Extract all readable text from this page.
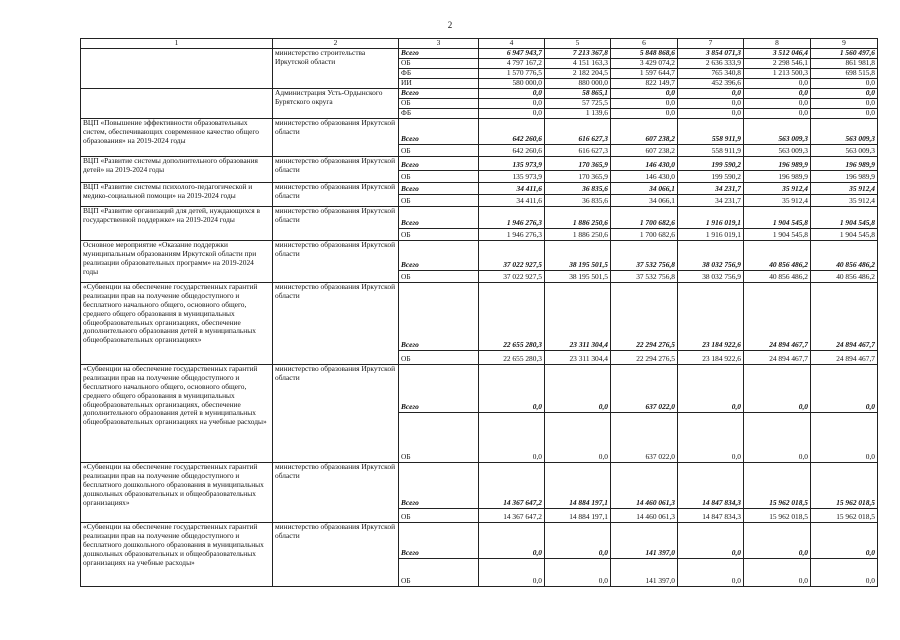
2
1	2	3	4	5	6	7	8	9
	министерство строительства Иркутской области	Всего	6 947 943,7	7 213 367,8	5 848 868,6	3 854 071,3	3 512 046,4	1 560 497,6
		ОБ	4 797 167,2	4 151 163,3	3 429 074,2	2 636 333,9	2 298 546,1	861 981,8
		ФБ	1 570 776,5	2 182 204,5	1 597 644,7	765 340,8	1 213 500,3	698 515,8
		ИИ	580 000,0	880 000,0	822 149,7	452 396,6	0,0	0,0
	Администрация Усть-Ордынского Бурятского округа	Всего	0,0	58 865,1	0,0	0,0	0,0	0,0
		ОБ	0,0	57 725,5	0,0	0,0	0,0	0,0
		ФБ	0,0	1 139,6	0,0	0,0	0,0	0,0
ВЦП «Повышение эффективности образовательных систем, обеспечивающих современное качество общего образования» на 2019-2024 годы	министерство образования Иркутской области	Всего	642 260,6	616 627,3	607 238,2	558 911,9	563 009,3	563 009,3
		ОБ	642 260,6	616 627,3	607 238,2	558 911,9	563 009,3	563 009,3
ВЦП «Развитие системы дополнительного образования детей» на 2019-2024 годы	министерство образования Иркутской области	Всего	135 973,9	170 365,9	146 430,0	199 590,2	196 989,9	196 989,9
		ОБ	135 973,9	170 365,9	146 430,0	199 590,2	196 989,9	196 989,9
ВЦП «Развитие системы психолого-педагогической и медико-социальной помощи» на 2019-2024 годы	министерство образования Иркутской области	Всего	34 411,6	36 835,6	34 066,1	34 231,7	35 912,4	35 912,4
		ОБ	34 411,6	36 835,6	34 066,1	34 231,7	35 912,4	35 912,4
ВЦП «Развитие организаций для детей, нуждающихся в государственной поддержке» на 2019-2024 годы	министерство образования Иркутской области	Всего	1 946 276,3	1 886 250,6	1 700 682,6	1 916 019,1	1 904 545,8	1 904 545,8
		ОБ	1 946 276,3	1 886 250,6	1 700 682,6	1 916 019,1	1 904 545,8	1 904 545,8
Основное мероприятие «Оказание поддержки муниципальным образованиям Иркутской области при реализации образовательных программ» на 2019-2024 годы	министерство образования Иркутской области	Всего	37 022 927,5	38 195 501,5	37 532 756,8	38 032 756,9	40 856 486,2	40 856 486,2
		ОБ	37 022 927,5	38 195 501,5	37 532 756,8	38 032 756,9	40 856 486,2	40 856 486,2
«Субвенции на обеспечение государственных гарантий реализации прав на получение общедоступного и бесплатного начального общего, основного общего, среднего общего образования в муниципальных общеобразовательных организациях, обеспечение дополнительного образования детей в муниципальных общеобразовательных организациях»	министерство образования Иркутской области	Всего	22 655 280,3	23 311 304,4	22 294 276,5	23 184 922,6	24 894 467,7	24 894 467,7
		ОБ	22 655 280,3	23 311 304,4	22 294 276,5	23 184 922,6	24 894 467,7	24 894 467,7
«Субвенции на обеспечение государственных гарантий реализации прав на получение общедоступного и бесплатного начального общего, основного общего, среднего общего образования в муниципальных общеобразовательных организациях, обеспечение дополнительного образования детей в муниципальных общеобразовательных организациях на учебные расходы»	министерство образования Иркутской области	Всего	0,0	0,0	637 022,0	0,0	0,0	0,0
		ОБ	0,0	0,0	637 022,0	0,0	0,0	0,0
«Субвенции на обеспечение государственных гарантий реализации прав на получение общедоступного и бесплатного дошкольного образования в муниципальных дошкольных образовательных и общеобразовательных организациях»	министерство образования Иркутской области	Всего	14 367 647,2	14 884 197,1	14 460 061,3	14 847 834,3	15 962 018,5	15 962 018,5
		ОБ	14 367 647,2	14 884 197,1	14 460 061,3	14 847 834,3	15 962 018,5	15 962 018,5
«Субвенции на обеспечение государственных гарантий реализации прав на получение общедоступного и бесплатного дошкольного образования в муниципальных дошкольных образовательных и общеобразовательных организациях на учебные расходы»	министерство образования Иркутской области	Всего	0,0	0,0	141 397,0	0,0	0,0	0,0
		ОБ	0,0	0,0	141 397,0	0,0	0,0	0,0
